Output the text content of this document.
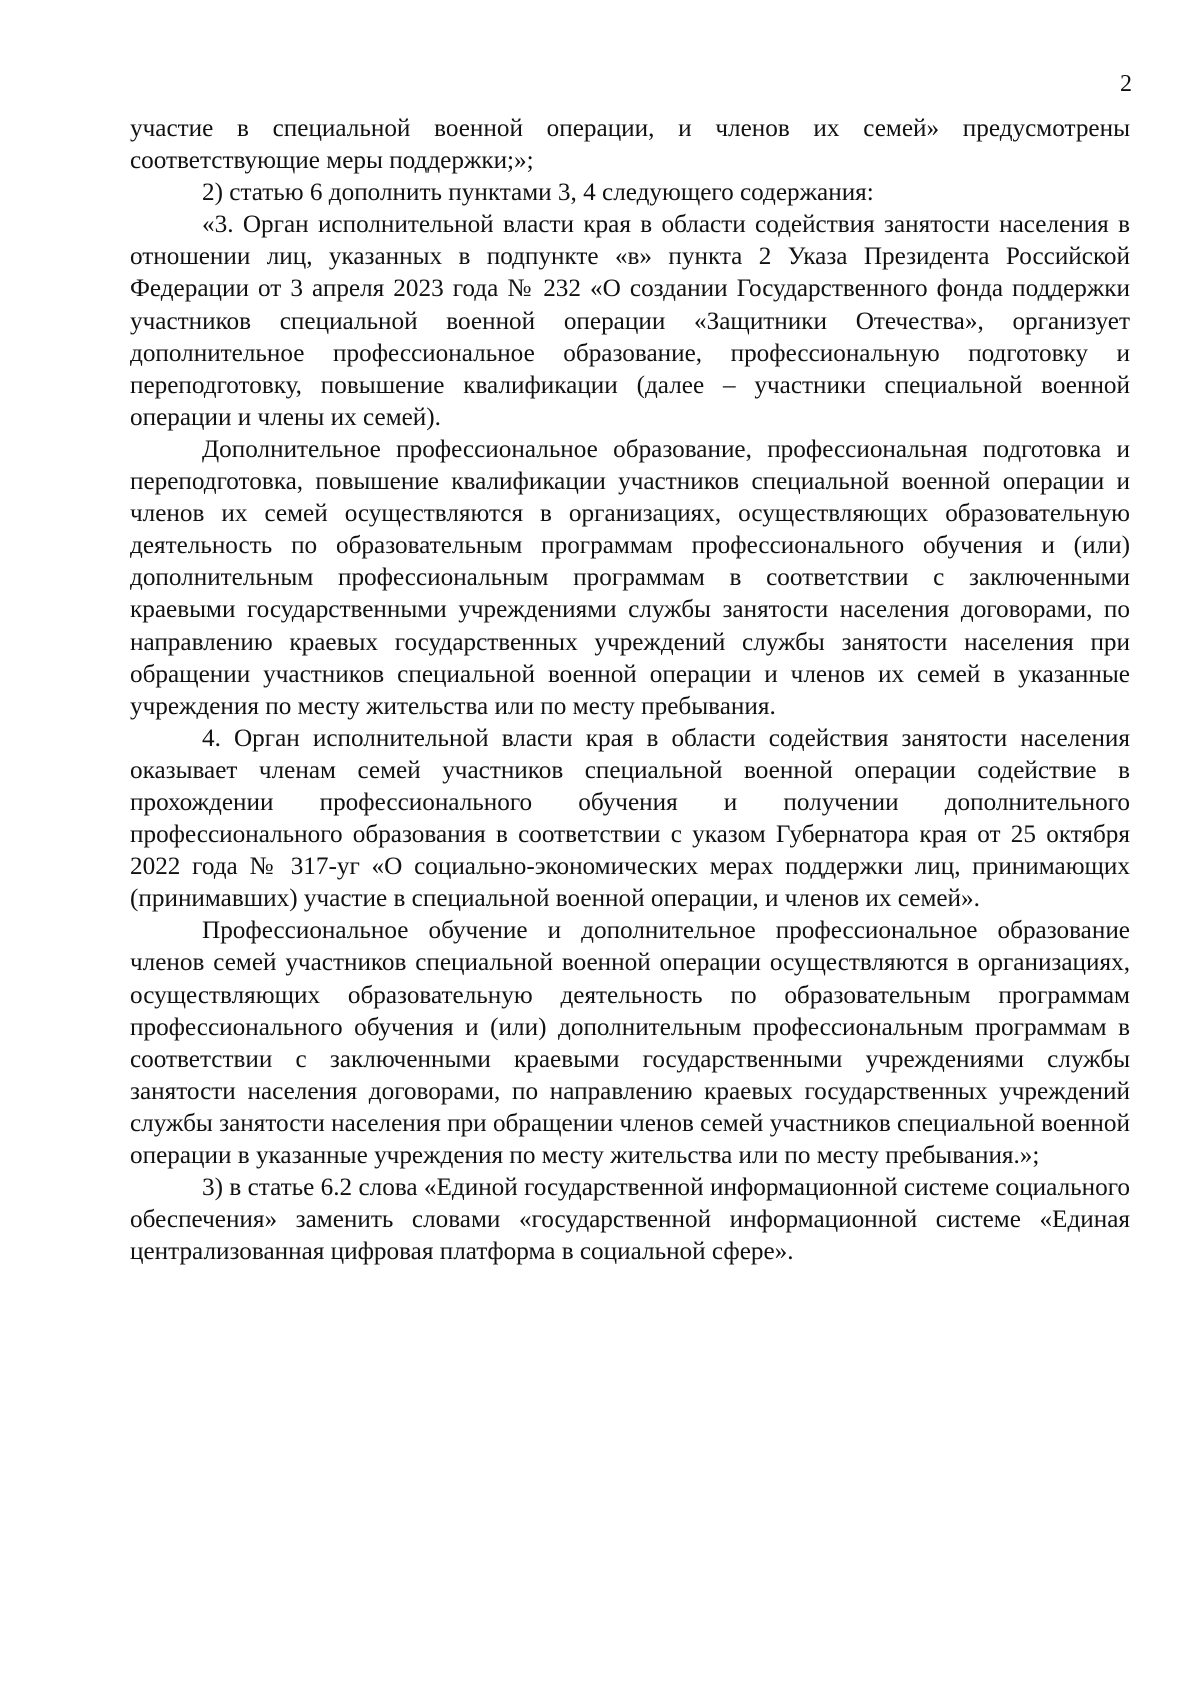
2

участие в специальной военной операции, и членов их семей» предусмотрены соответствующие меры поддержки;»;

2) статью 6 дополнить пунктами 3, 4 следующего содержания:

«3. Орган исполнительной власти края в области содействия занятости населения в отношении лиц, указанных в подпункте «в» пункта 2 Указа Президента Российской Федерации от 3 апреля 2023 года № 232 «О создании Государственного фонда поддержки участников специальной военной операции «Защитники Отечества», организует дополнительное профессиональное образование, профессиональную подготовку и переподготовку, повышение квалификации (далее – участники специальной военной операции и члены их семей).

Дополнительное профессиональное образование, профессиональная подготовка и переподготовка, повышение квалификации участников специальной военной операции и членов их семей осуществляются в организациях, осуществляющих образовательную деятельность по образовательным программам профессионального обучения и (или) дополнительным профессиональным программам в соответствии с заключенными краевыми государственными учреждениями службы занятости населения договорами, по направлению краевых государственных учреждений службы занятости населения при обращении участников специальной военной операции и членов их семей в указанные учреждения по месту жительства или по месту пребывания.

4. Орган исполнительной власти края в области содействия занятости населения оказывает членам семей участников специальной военной операции содействие в прохождении профессионального обучения и получении дополнительного профессионального образования в соответствии с указом Губернатора края от 25 октября 2022 года № 317-уг «О социально-экономических мерах поддержки лиц, принимающих (принимавших) участие в специальной военной операции, и членов их семей».

Профессиональное обучение и дополнительное профессиональное образование членов семей участников специальной военной операции осуществляются в организациях, осуществляющих образовательную деятельность по образовательным программам профессионального обучения и (или) дополнительным профессиональным программам в соответствии с заключенными краевыми государственными учреждениями службы занятости населения договорами, по направлению краевых государственных учреждений службы занятости населения при обращении членов семей участников специальной военной операции в указанные учреждения по месту жительства или по месту пребывания.»;

3) в статье 6.2 слова «Единой государственной информационной системе социального обеспечения» заменить словами «государственной информационной системе «Единая централизованная цифровая платформа в социальной сфере».
